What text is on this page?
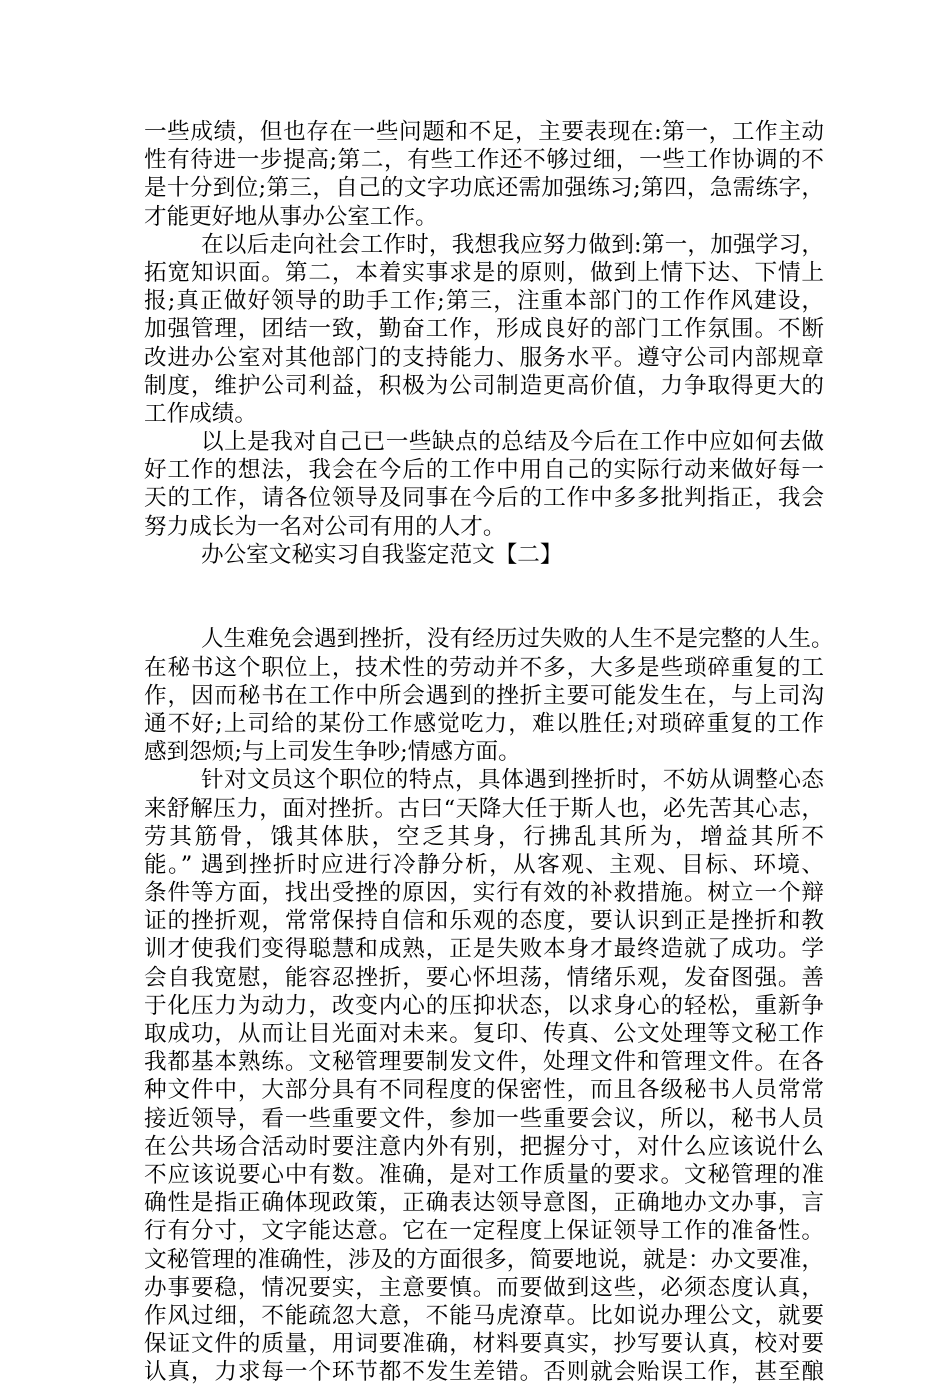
一些成绩，但也存在一些问题和不足，主要表现在:第一，工作主动
性有待进一步提高;第二，有些工作还不够过细，一些工作协调的不
是十分到位;第三，自己的文字功底还需加强练习;第四，急需练字，
才能更好地从事办公室工作。
在以后走向社会工作时，我想我应努力做到:第一，加强学习，
拓宽知识面。第二，本着实事求是的原则，做到上情下达、下情上
报;真正做好领导的助手工作;第三，注重本部门的工作作风建设，
加强管理，团结一致，勤奋工作，形成良好的部门工作氛围。不断
改进办公室对其他部门的支持能力、服务水平。遵守公司内部规章
制度，维护公司利益，积极为公司制造更高价值，力争取得更大的
工作成绩。
以上是我对自己已一些缺点的总结及今后在工作中应如何去做
好工作的想法，我会在今后的工作中用自己的实际行动来做好每一
天的工作，请各位领导及同事在今后的工作中多多批判指正，我会
努力成长为一名对公司有用的人才。
办公室文秘实习自我鉴定范文【二】
人生难免会遇到挫折，没有经历过失败的人生不是完整的人生。
在秘书这个职位上，技术性的劳动并不多，大多是些琐碎重复的工
作，因而秘书在工作中所会遇到的挫折主要可能发生在，与上司沟
通不好;上司给的某份工作感觉吃力，难以胜任;对琐碎重复的工作
感到怨烦;与上司发生争吵;情感方面。
针对文员这个职位的特点，具体遇到挫折时，不妨从调整心态
来舒解压力，面对挫折。古曰“天降大任于斯人也，必先苦其心志，
劳其筋骨，饿其体肤，空乏其身，行拂乱其所为，增益其所不
能。” 遇到挫折时应进行冷静分析，从客观、主观、目标、环境、
条件等方面，找出受挫的原因，实行有效的补救措施。树立一个辩
证的挫折观，常常保持自信和乐观的态度，要认识到正是挫折和教
训才使我们变得聪慧和成熟，正是失败本身才最终造就了成功。学
会自我宽慰，能容忍挫折，要心怀坦荡，情绪乐观，发奋图强。善
于化压力为动力，改变内心的压抑状态，以求身心的轻松，重新争
取成功，从而让目光面对未来。复印、传真、公文处理等文秘工作
我都基本熟练。文秘管理要制发文件，处理文件和管理文件。在各
种文件中，大部分具有不同程度的保密性，而且各级秘书人员常常
接近领导，看一些重要文件，参加一些重要会议，所以，秘书人员
在公共场合活动时要注意内外有别，把握分寸，对什么应该说什么
不应该说要心中有数。准确，是对工作质量的要求。文秘管理的准
确性是指正确体现政策，正确表达领导意图，正确地办文办事，言
行有分寸，文字能达意。它在一定程度上保证领导工作的准备性。
文秘管理的准确性，涉及的方面很多，简要地说，就是：办文要准，
办事要稳，情况要实，主意要慎。而要做到这些，必须态度认真，
作风过细，不能疏忽大意，不能马虎潦草。比如说办理公文，就要
保证文件的质量，用词要准确，材料要真实，抄写要认真，校对要
认真，力求每一个环节都不发生差错。否则就会贻误工作，甚至酿
